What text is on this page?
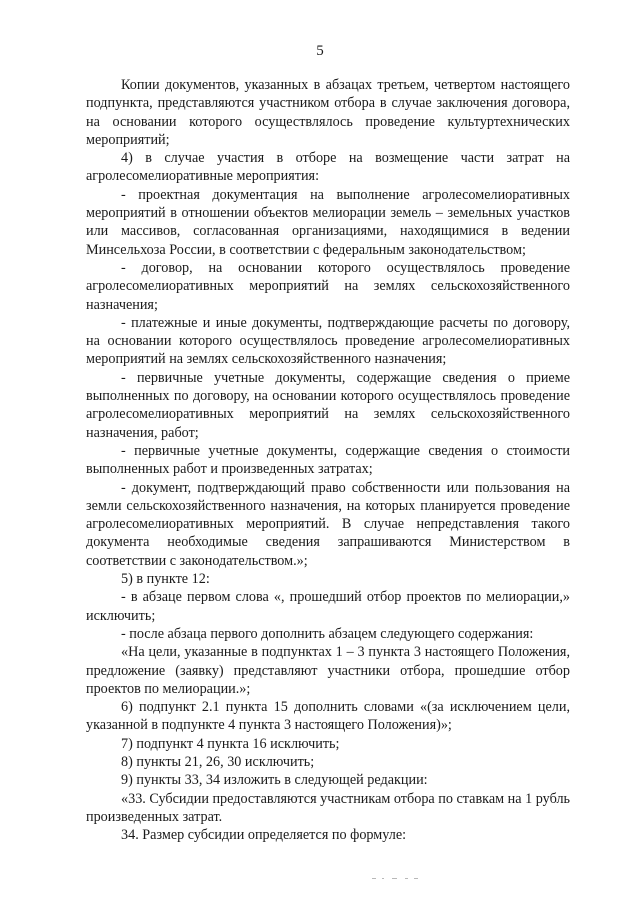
5

Копии документов, указанных в абзацах третьем, четвертом настоящего подпункта, представляются участником отбора в случае заключения договора, на основании которого осуществлялось проведение культуртехнических мероприятий;

4) в случае участия в отборе на возмещение части затрат на агролесомелиоративные мероприятия:

- проектная документация на выполнение агролесомелиоративных мероприятий в отношении объектов мелиорации земель – земельных участков или массивов, согласованная организациями, находящимися в ведении Минсельхоза России, в соответствии с федеральным законодательством;

- договор, на основании которого осуществлялось проведение агролесомелиоративных мероприятий на землях сельскохозяйственного назначения;

- платежные и иные документы, подтверждающие расчеты по договору, на основании которого осуществлялось проведение агролесомелиоративных мероприятий на землях сельскохозяйственного назначения;

- первичные учетные документы, содержащие сведения о приеме выполненных по договору, на основании которого осуществлялось проведение агролесомелиоративных мероприятий на землях сельскохозяйственного назначения, работ;

- первичные учетные документы, содержащие сведения о стоимости выполненных работ и произведенных затратах;

- документ, подтверждающий право собственности или пользования на земли сельскохозяйственного назначения, на которых планируется проведение агролесомелиоративных мероприятий. В случае непредставления такого документа необходимые сведения запрашиваются Министерством в соответствии с законодательством.»;

5) в пункте 12:

- в абзаце первом слова «, прошедший отбор проектов по мелиорации,» исключить;

- после абзаца первого дополнить абзацем следующего содержания:

«На цели, указанные в подпунктах 1 – 3 пункта 3 настоящего Положения, предложение (заявку) представляют участники отбора, прошедшие отбор проектов по мелиорации.»;

6) подпункт 2.1 пункта 15 дополнить словами «(за исключением цели, указанной в подпункте 4 пункта 3 настоящего Положения)»;

7) подпункт 4 пункта 16 исключить;

8) пункты 21, 26, 30 исключить;

9) пункты 33, 34 изложить в следующей редакции:

«33. Субсидии предоставляются участникам отбора по ставкам на 1 рубль произведенных затрат.

34. Размер субсидии определяется по формуле:
